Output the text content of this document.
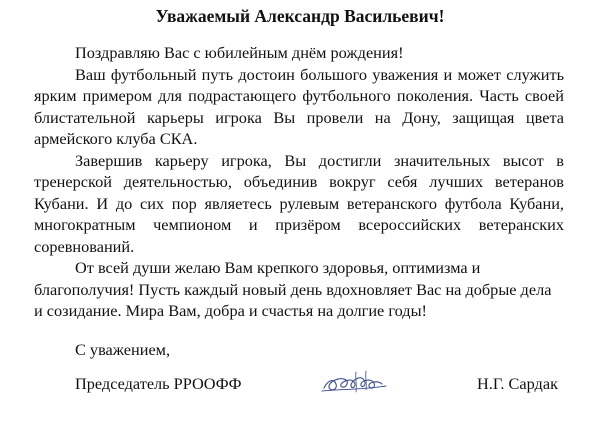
Уважаемый Александр Васильевич!

Поздравляю Вас с юбилейным днём рождения!

Ваш футбольный путь достоин большого уважения и может служить ярким примером для подрастающего футбольного поколения. Часть своей блистательной карьеры игрока Вы провели на Дону, защищая цвета армейского клуба СКА.

Завершив карьеру игрока, Вы достигли значительных высот в тренерской деятельностью, объединив вокруг себя лучших ветеранов Кубани. И до сих пор являетесь рулевым ветеранского футбола Кубани, многократным чемпионом и призёром всероссийских ветеранских соревнований.

От всей души желаю Вам крепкого здоровья, оптимизма и благополучия! Пусть каждый новый день вдохновляет Вас на добрые дела и созидание. Мира Вам, добра и счастья на долгие годы!

С уважением,
Председатель РРООФФ	Н.Г. Сардак
